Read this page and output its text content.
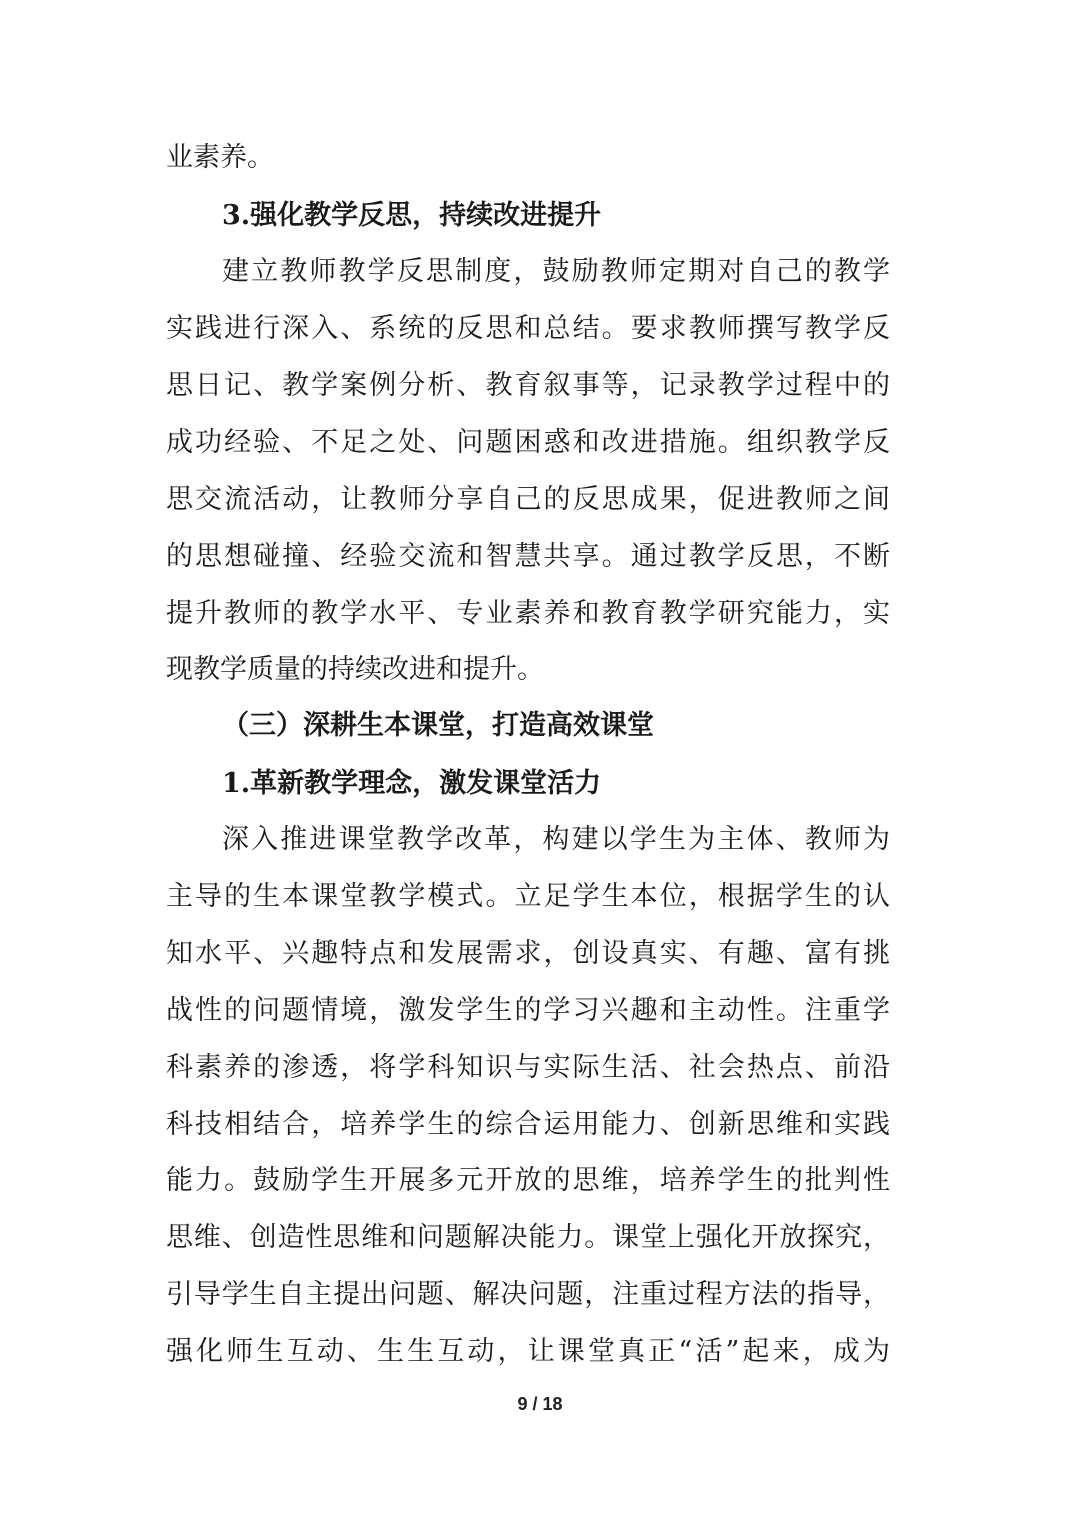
业素养。
3.强化教学反思，持续改进提升
建立教师教学反思制度，鼓励教师定期对自己的教学
实践进行深入、系统的反思和总结。要求教师撰写教学反
思日记、教学案例分析、教育叙事等，记录教学过程中的
成功经验、不足之处、问题困惑和改进措施。组织教学反
思交流活动，让教师分享自己的反思成果，促进教师之间
的思想碰撞、经验交流和智慧共享。通过教学反思，不断
提升教师的教学水平、专业素养和教育教学研究能力，实
现教学质量的持续改进和提升。
（三）深耕生本课堂，打造高效课堂
1.革新教学理念，激发课堂活力
深入推进课堂教学改革，构建以学生为主体、教师为
主导的生本课堂教学模式。立足学生本位，根据学生的认
知水平、兴趣特点和发展需求，创设真实、有趣、富有挑
战性的问题情境，激发学生的学习兴趣和主动性。注重学
科素养的渗透，将学科知识与实际生活、社会热点、前沿
科技相结合，培养学生的综合运用能力、创新思维和实践
能力。鼓励学生开展多元开放的思维，培养学生的批判性
思维、创造性思维和问题解决能力。课堂上强化开放探究，
引导学生自主提出问题、解决问题，注重过程方法的指导，
强化师生互动、生生互动，让课堂真正“活”起来，成为
9 / 18
